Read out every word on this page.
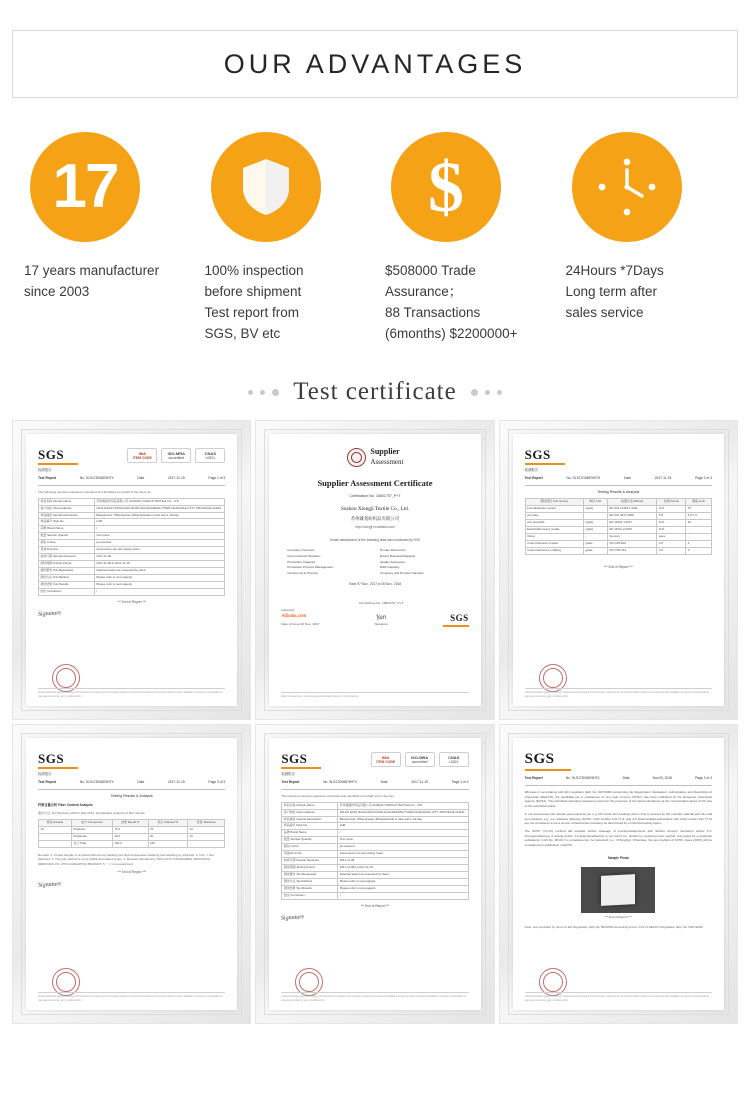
OUR ADVANTAGES
17
17 years manufacturer
since 2003
100% inspection
before shipment
Test report from
SGS, BV etc
$
$508000 Trade
Assurance；
88 Transactions
(6months) $2200000+
24Hours *7Days
Long term after
sales service
Test certificate
SGS	IMA
ITEM CODE
ISO-MRA
accredited
CNAS
L0021
检测报告
Test Report	No. SLS17D06876HT4	Date	2017-11-15	Page 1 of 3
The following samples was/were submitted and identified on behalf of the client as :
样品名称 Sample Name	苏州雄基纺织品有限公司 SUZHOU XIONGJI TEXTILE CO., LTD
客户地址 Client Address	NO.8-8 EAST RUIGUANG ROAD,SHUANGFENG TOWN,CHANGSHU CITY, PROVINCE,CHINA
样品描述 Sample Description	Background: 70%polyester 30%polyamide in tube and 1 roll bag
样品编号 Style No.	LHB
品牌 Brand Name	/
数量 Sample Quantity	One piece
颜色 Colour	as received
用途 End Use	Automotive/ car care wiping towel
收样日期 Sample Received	2017-11-08
测试周期 Testing Period	2017-11-08 to 2017-11-15
测试要求 Test Requested	Selected test(s) as requested by client.
测试方法 Test Method	Please refer to next page(s).
测试结果 Test Results	Please refer to next page(s).
结论 Conclusion	/
*** End of Report ***
Signature
Unless otherwise agreed in writing, this document is issued by the Company subject to its General Conditions of Service printed overleaf, available on request or accessible at www.sgs.com/terms_and_conditions.htm

Supplier
Assessment
Supplier Assessment Certificate
Certification No. 16801757_P+T
Suzhou Xiongji Textile Co., Ltd.
苏州雄基纺织品有限公司
http://xiongji.en.alibaba.com
Onsite assessment of the following area was conducted by SGS
Company Overview
Current Export Situation
Production Capacity
Production Process Management
Continuous & Process
Human Resources
Export Business/Capacity
Quality Assurance
R&D Capacity
Company and Product Samples
Total: 97 Nov., 2017 to 06 Nov., 2018
Issued by
Alibaba.com
Date of Issue 06 Nov., 2017
Cert ID/Line No. 16801757_P+T
Yan
Signature
SGS
Data of Assessment, Government Authentication Service, Onsite Service
SGS
检测报告
Test Report	No. SLS17D06876HT4	Date	2017-11-15	Page 2 of 3
Testing Results & Analysis
测试项目 Test Item(s)	单位 Unit	检测方法 Method	结果 Result	限值 Limit
Formaldehyde content	mg/kg	EN ISO 14184-1:2011	N.D.	75
pH value	-	EN ISO 3071:2006	6.8	4.0-7.5
Azo dyestuffs	mg/kg	EN 14362-1:2017	N.D.	20
Extractable heavy metals	mg/kg	EN 16711-2:2015	N.D.	-
Odour	-	Sensory	pass	-
Colour fastness to water	grade	ISO 105-E01	4-5	3
Colour fastness to rubbing	grade	ISO 105-X12	4-5	3
*** End of Report ***
Unless otherwise agreed in writing, this document is issued by the Company subject to its General Conditions of Service printed overleaf, available on request or accessible at www.sgs.com/terms_and_conditions.htm
SGS
检测报告
Test Report	No. SLS17D06876HT4	Date	2017-11-15	Page 3 of 3
Testing Results & Analysis
纤维含量分析 Fiber Content Analysis
测试方法 Test Method: AATCC 20A-2014, Quantitative analysis of fiber blends
样品 Sample	成分 Component	结果 Result %	标示 Claimed %	容差 Tolerance
1#	Polyester	70.4	70	±3
	Polyamide	29.6	30	±3
	总计 Total	100.0	100	-
Remark: 1. Tested sample is provided without any backing but high temperature washing and washing by shrinked. 2. N.D. = Not detected. 3. The test method is not a CNAS accredited scope. 4. Results submitted by SGS-CSTC STANDARDS TECHNICAL SERVICES CO.,LTD GUANGZHOU BRANCH. 5. '-' = no requirement.
*** End of Report ***
Signature
Unless otherwise agreed in writing, this document is issued by the Company subject to its General Conditions of Service printed overleaf, available on request or accessible at www.sgs.com/terms_and_conditions.htm
SGS	IMA
ITEM CODE
ISO-MRA
accredited
CNAS
L0021
检测报告
Test Report	No. SLS17D06876HT4	Date	2017-11-15	Page 1 of 4
The following samples was/were submitted and identified on behalf of the client as :
样品名称 Sample Name	苏州雄基纺织品有限公司 SUZHOU XIONGJI TEXTILE CO., LTD
客户地址 Client Address	NO.8-8 EAST RUIGUANG ROAD,SHUANGFENG TOWN,CHANGSHU CITY, PROVINCE,CHINA
样品描述 Sample Description	Background: 70%polyester 30%polyamide in tube and 1 roll bag
样品编号 Style No.	LHB
品牌 Brand Name	/
数量 Sample Quantity	One piece
颜色 Colour	as received
用途 End Use	Automotive/ car care wiping towel
收样日期 Sample Received	2017-11-08
测试周期 Testing Period	2017-11-08 to 2017-11-15
测试要求 Test Requested	Selected test(s) as requested by client.
测试方法 Test Method	Please refer to next page(s).
测试结果 Test Results	Please refer to next page(s).
结论 Conclusion	/
*** End of Report ***
Signature
Unless otherwise agreed in writing, this document is issued by the Company subject to its General Conditions of Service printed overleaf, available on request or accessible at www.sgs.com/terms_and_conditions.htm
SGS
Test Report	No. SLS17D06876HT4	Date	Nov.20, 2015	Page 2 of 3
Whereas in accordance with EC regulation (EC) No 1907/2006 concerning the Registration, Evaluation, Authorisation and Restriction of Chemicals (REACH), the candidate list of substances of very high concern (SVHC) has been published by the European Chemicals Agency (ECHA). The submitted sample(s) was/were tested for the presence of the listed substances at the concentration above 0.1% w/w of the submitted article.
In our assessment the sample was tested as per e.g. RV hooks and coatings and is only a covered by the contract material and the total test samples, e.g. n.d. indicates absence (SVHC, CAS number 101-77-9, and 4,4'-Diaminodiphenylmethane with CAS number 101-77-9) are not considered to be a source of banned azo amine(s) as determined by a chemical testing agent.
The SVHC (>0.1%) method will consider further cleavage of 4-aminoazobenzene with its/their concern number(s) and/or 1,4-phenylenediamine. A testing and/or 1,4-phenylenediamine is not found (i.e. limited by mentioned test method, test result for a particular substance). CAS No. 95-80-7 is considered as 'not detected' (i.e. <0.5mg/kg). Otherwise, the test method of SVHC cases (2015) will be considered on publication of ECHA.
Sample Photo
*** End of Report ***
Note: test specified by terms of EU Regulation (EC) No 552/2009 amending Annex XVII of REACH Regulation (EC) No 1907/2006.
Unless otherwise agreed in writing, this document is issued by the Company subject to its General Conditions of Service printed overleaf, available on request or accessible at www.sgs.com/terms_and_conditions.htm
